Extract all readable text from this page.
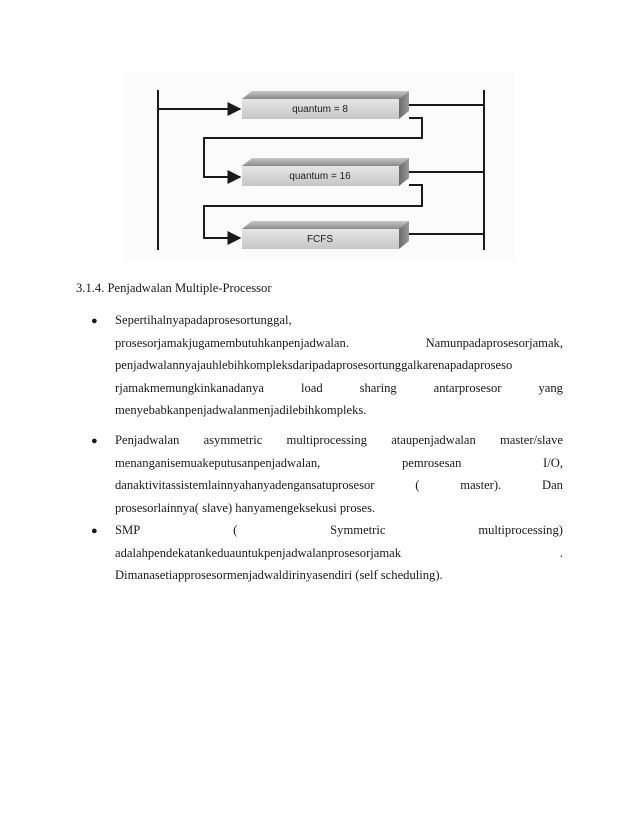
quantum = 8
quantum = 16
FCFS
3.1.4. Penjadwalan Multiple-Processor
● Sepertihalnyapadaprosesortunggal,
prosesorjamakjugamembutuhkanpenjadwalan.	Namunpadaprosesorjamak,
penjadwalannyajauhlebihkompleksdaripadaprosesortunggalkarenapadaproseso
rjamakmemungkinkanadanya	load	sharing	antarprosesor	yang
menyebabkanpenjadwalanmenjadilebihkompleks.
● Penjadwalan asymmetric multiprocessing ataupenjadwalan master/slave
menanganisemuakeputusanpenjadwalan,	pemrosesan	I/O,
danaktivitassistemlainnyahanyadengansatuprosesor	(	master).	Dan
prosesorlainnya( slave) hanyamengeksekusi proses.
● SMP	(	Symmetric	multiprocessing)
adalahpendekatankeduauntukpenjadwalanprosesorjamak	.
Dimanasetiapprosesormenjadwaldirinyasendiri (self scheduling).
